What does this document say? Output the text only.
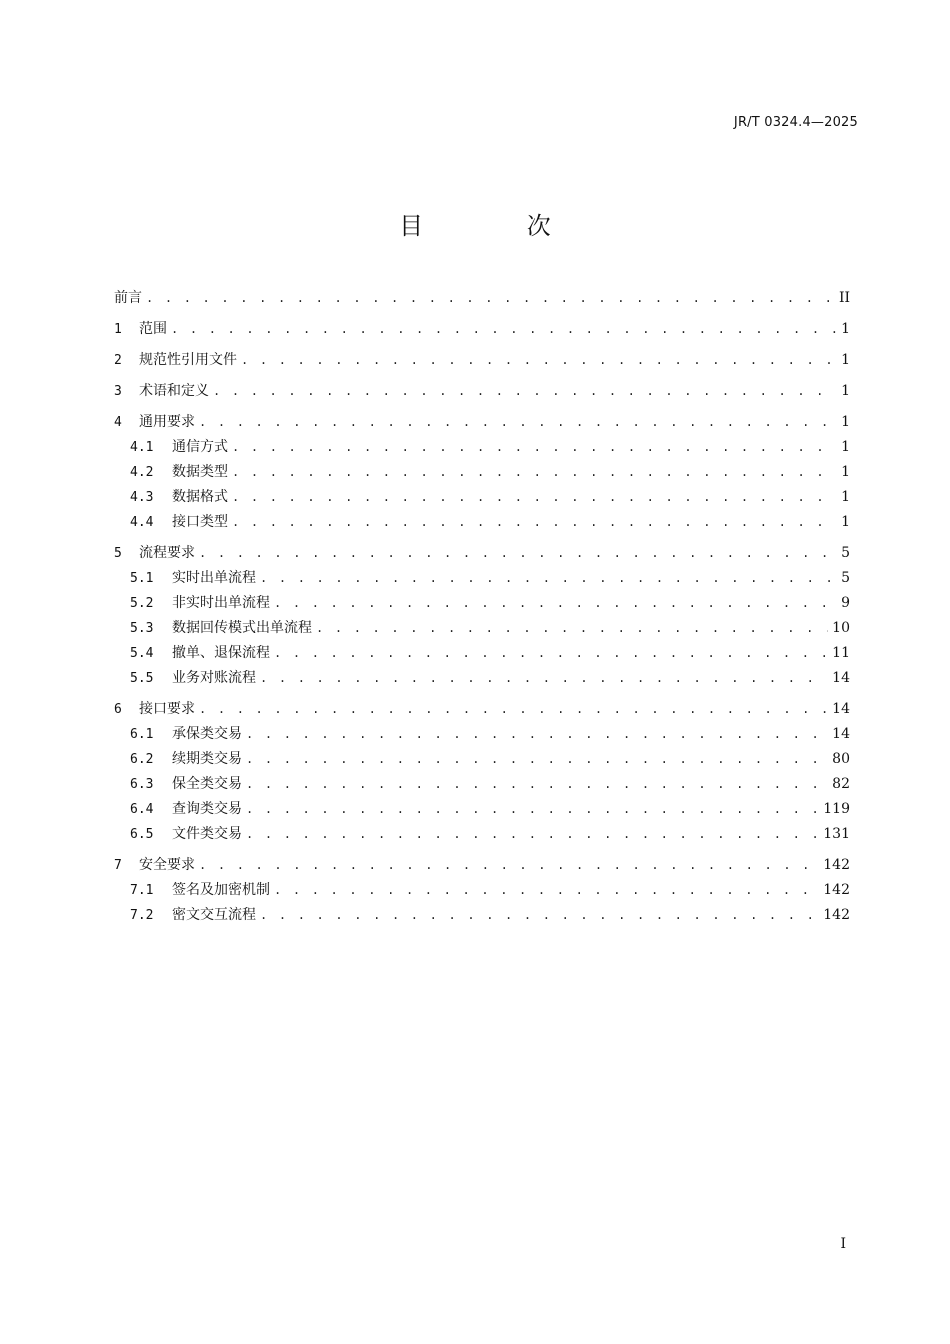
JR/T 0324.4—2025
目 次
前言 . . .	II
1	范围 . . .	1
2	规范性引用文件 . . .	1
3	术语和定义 . . .	1
4	通用要求 . . .	1
4.1	通信方式 . . .	1
4.2	数据类型 . . .	1
4.3	数据格式 . . .	1
4.4	接口类型 . . .	1
5	流程要求 . . .	5
5.1	实时出单流程 . . .	5
5.2	非实时出单流程 . . .	9
5.3	数据回传模式出单流程 . . .	10
5.4	撤单、退保流程 . . .	11
5.5	业务对账流程 . . .	14
6	接口要求 . . .	14
6.1	承保类交易 . . .	14
6.2	续期类交易 . . .	80
6.3	保全类交易 . . .	82
6.4	查询类交易 . . .	119
6.5	文件类交易 . . .	131
7	安全要求 . . .	142
7.1	签名及加密机制 . . .	142
7.2	密文交互流程 . . .	142
I
